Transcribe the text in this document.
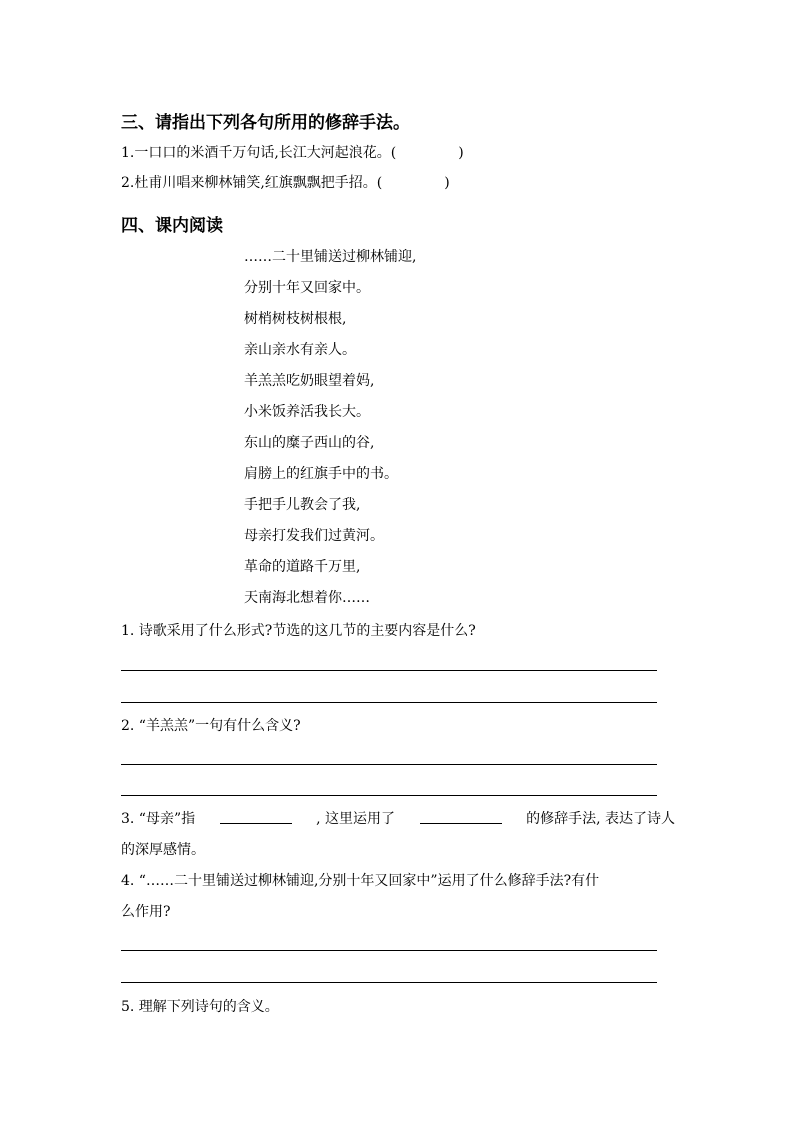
三、请指出下列各句所用的修辞手法。
1.一口口的米酒千万句话,长江大河起浪花。(	)
2.杜甫川唱来柳林铺笑,红旗飘飘把手招。(	)
四、课内阅读
……二十里铺送过柳林铺迎,
分别十年又回家中。
树梢树枝树根根,
亲山亲水有亲人。
羊羔羔吃奶眼望着妈,
小米饭养活我长大。
东山的糜子西山的谷,
肩膀上的红旗手中的书。
手把手儿教会了我,
母亲打发我们过黄河。
革命的道路千万里,
天南海北想着你……
1. 诗歌采用了什么形式?节选的这几节的主要内容是什么?
2. “羊羔羔”一句有什么含义?
3. “母亲”指	, 这里运用了	的修辞手法, 表达了诗人
的深厚感情。
4. “……二十里铺送过柳林铺迎,分别十年又回家中”运用了什么修辞手法?有什
么作用?
5. 理解下列诗句的含义。
